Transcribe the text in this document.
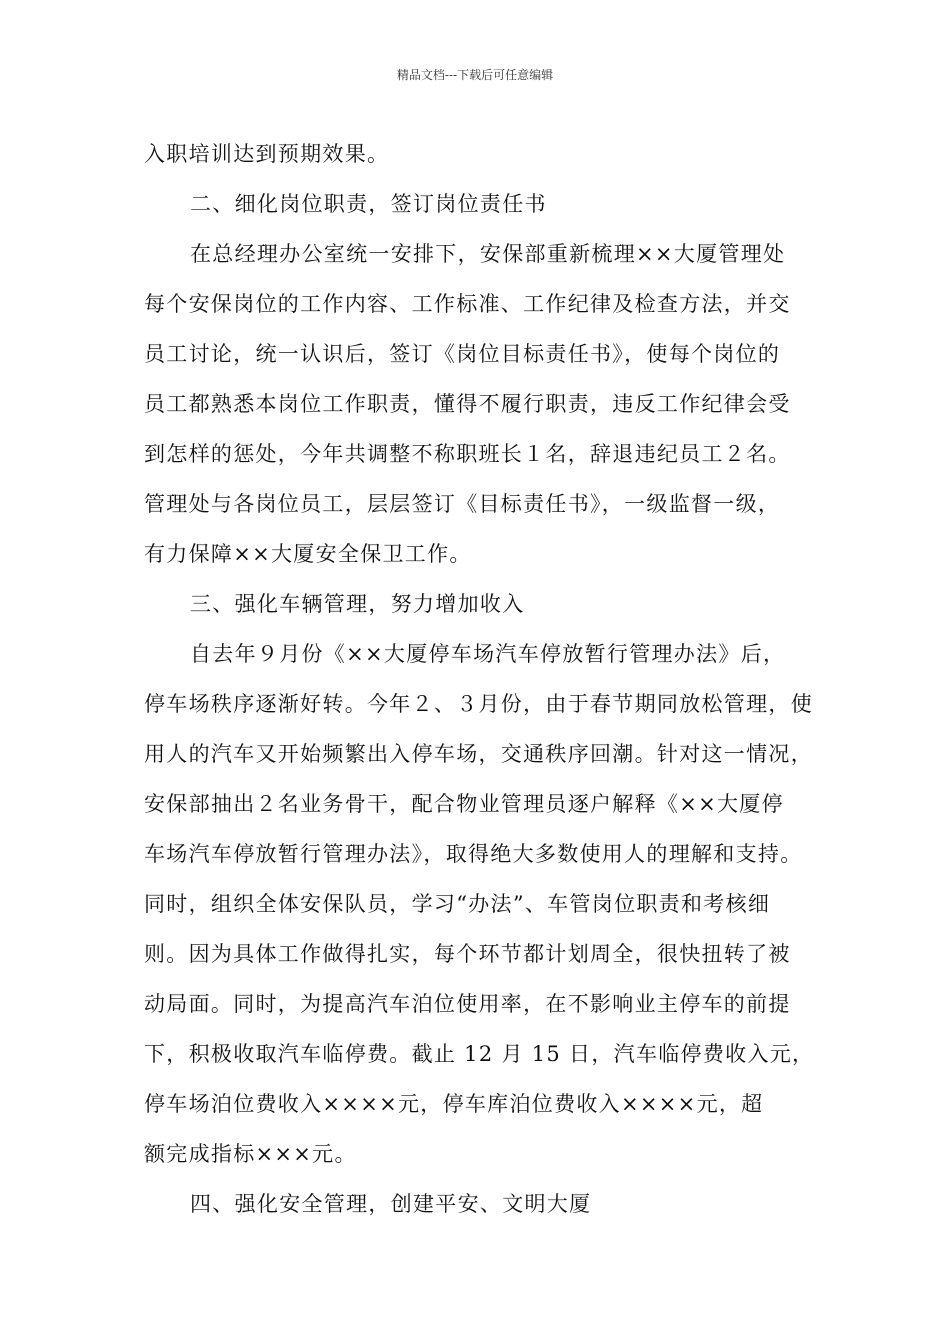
精品文档---下载后可任意编辑
入职培训达到预期效果。
二、细化岗位职责，签订岗位责任书
在总经理办公室统一安排下，安保部重新梳理××大厦管理处
每个安保岗位的工作内容、工作标准、工作纪律及检查方法，并交
员工讨论，统一认识后，签订《岗位目标责任书》，使每个岗位的
员工都熟悉本岗位工作职责，懂得不履行职责，违反工作纪律会受
到怎样的惩处，今年共调整不称职班长１名，辞退违纪员工２名。
管理处与各岗位员工，层层签订《目标责任书》，一级监督一级，
有力保障××大厦安全保卫工作。
三、强化车辆管理，努力增加收入
自去年９月份《××大厦停车场汽车停放暂行管理办法》后，
停车场秩序逐渐好转。今年２、３月份，由于春节期同放松管理，使
用人的汽车又开始频繁出入停车场，交通秩序回潮。针对这一情况，
安保部抽出２名业务骨干，配合物业管理员逐户解释《××大厦停
车场汽车停放暂行管理办法》，取得绝大多数使用人的理解和支持。
同时，组织全体安保队员，学习“办法”、车管岗位职责和考核细
则。因为具体工作做得扎实，每个环节都计划周全，很快扭转了被
动局面。同时，为提高汽车泊位使用率，在不影响业主停车的前提
下，积极收取汽车临停费。截止 12 月 15 日，汽车临停费收入元，
停车场泊位费收入××××元，停车库泊位费收入××××元，超
额完成指标×××元。
四、强化安全管理，创建平安、文明大厦
